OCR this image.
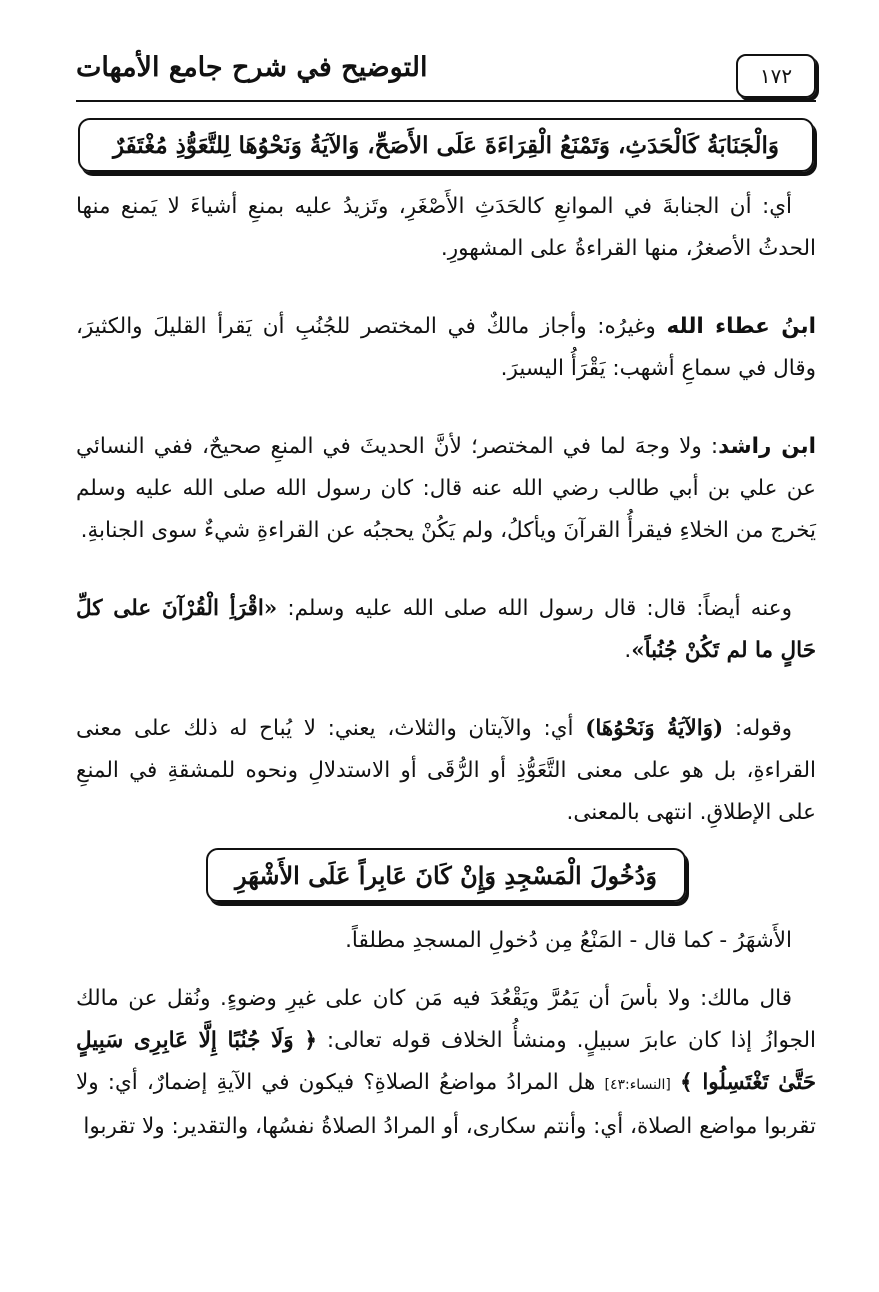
١٧٢
التوضيح في شرح جامع الأمهات
وَالْجَنَابَةُ كَالْحَدَثِ، وَتَمْنَعُ الْقِرَاءَةَ عَلَى الأَصَحِّ، وَالآيَةُ وَنَحْوُهَا لِلتَّعَوُّذِ مُغْتَفَرٌ

أي: أن الجنابةَ في الموانعِ كالحَدَثِ الأَصْغَرِ، وتَزيدُ عليه بمنعِ أشياءَ لا يَمنع منها الحدثُ الأصغرُ، منها القراءةُ على المشهورِ.

ابنُ عطاء الله وغيرُه: وأجاز مالكٌ في المختصر للجُنُبِ أن يَقرأ القليلَ والكثيرَ، وقال في سماعِ أشهب: يَقْرَأُ اليسيرَ.

ابن راشد: ولا وجهَ لما في المختصر؛ لأنَّ الحديثَ في المنعِ صحيحٌ، ففي النسائي عن علي بن أبي طالب رضي الله عنه قال: كان رسول الله صلى الله عليه وسلم يَخرج من الخلاءِ فيقرأُ القرآنَ ويأكلُ، ولم يَكُنْ يحجبُه عن القراءةِ شيءٌ سوى الجنابةِ.

وعنه أيضاً: قال: قال رسول الله صلى الله عليه وسلم: «اقْرَأِ الْقُرْآنَ على كلِّ حَالٍ ما لم تَكُنْ جُنُباً».

وقوله: (وَالآيَةُ وَنَحْوُهَا) أي: والآيتان والثلاث، يعني: لا يُباح له ذلك على معنى القراءةِ، بل هو على معنى التَّعَوُّذِ أو الرُّقَى أو الاستدلالِ ونحوه للمشقةِ في المنعِ على الإطلاقِ. انتهى بالمعنى.

وَدُخُولَ الْمَسْجِدِ وَإِنْ كَانَ عَابِراً عَلَى الأَشْهَرِ

الأَشهَرُ - كما قال - المَنْعُ مِن دُخولِ المسجدِ مطلقاً.

قال مالك: ولا بأسَ أن يَمُرَّ ويَقْعُدَ فيه مَن كان على غيرِ وضوءٍ. ونُقل عن مالك الجوازُ إذا كان عابرَ سبيلٍ. ومنشأُ الخلاف قوله تعالى: ﴿ وَلَا جُنُبًا إِلَّا عَابِرِى سَبِيلٍ حَتَّىٰ تَغْتَسِلُوا ﴾ [النساء:٤٣] هل المرادُ مواضعُ الصلاةِ؟ فيكون في الآيةِ إضمارٌ، أي: ولا تقربوا مواضع الصلاة، أي: وأنتم سكارى، أو المرادُ الصلاةُ نفسُها، والتقدير: ولا تقربوا
